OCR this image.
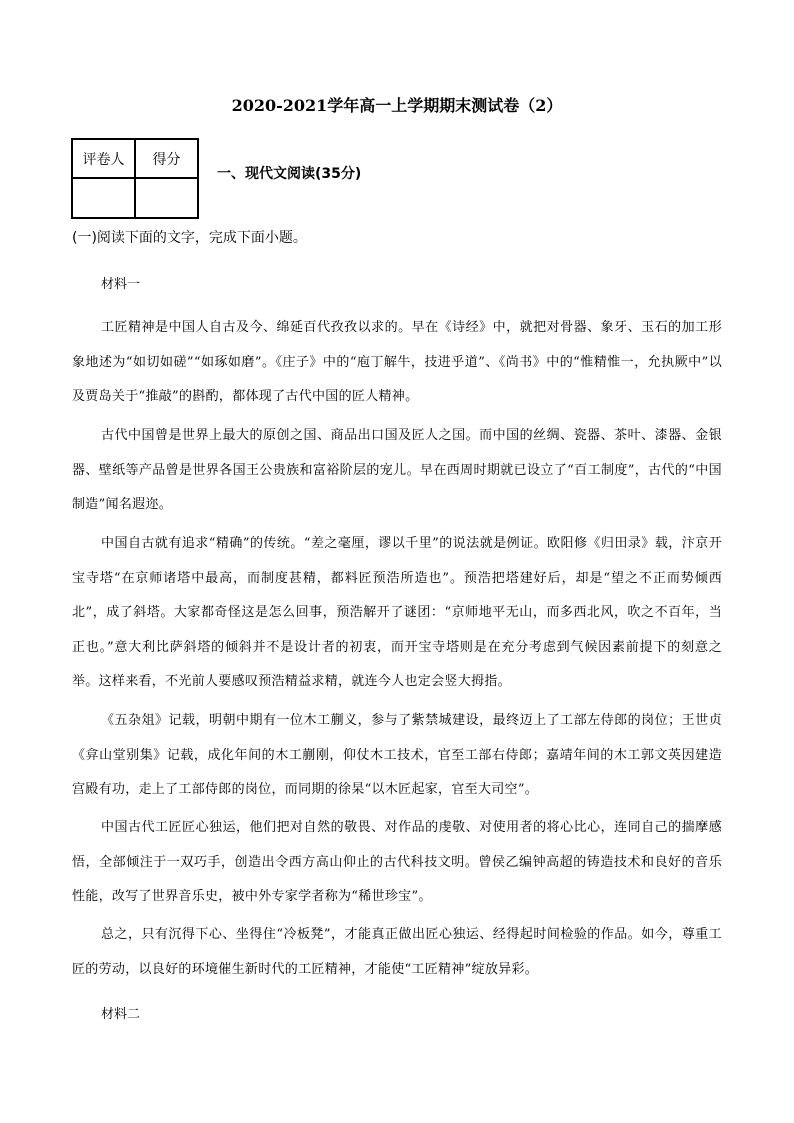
2020-2021学年高一上学期期末测试卷（2）
评卷人	得分

一、现代文阅读(35分)
(一)阅读下面的文字，完成下面小题。
材料一
工匠精神是中国人自古及今、绵延百代孜孜以求的。早在《诗经》中，就把对骨器、象牙、玉石的加工形象地述为“如切如磋”“如琢如磨”。《庄子》中的“庖丁解牛，技进乎道”、《尚书》中的“惟精惟一，允执厥中”以及贾岛关于“推敲”的斟酌，都体现了古代中国的匠人精神。
古代中国曾是世界上最大的原创之国、商品出口国及匠人之国。而中国的丝绸、瓷器、茶叶、漆器、金银器、壁纸等产品曾是世界各国王公贵族和富裕阶层的宠儿。早在西周时期就已设立了“百工制度”，古代的“中国制造”闻名遐迩。
中国自古就有追求“精确”的传统。“差之毫厘，谬以千里”的说法就是例证。欧阳修《归田录》载，汴京开宝寺塔“在京师诸塔中最高，而制度甚精，都料匠预浩所造也”。预浩把塔建好后，却是“望之不正而势倾西北”，成了斜塔。大家都奇怪这是怎么回事，预浩解开了谜团：“京师地平无山，而多西北风，吹之不百年，当正也。”意大利比萨斜塔的倾斜并不是设计者的初衷，而开宝寺塔则是在充分考虑到气候因素前提下的刻意之举。这样来看，不光前人要感叹预浩精益求精，就连今人也定会竖大拇指。
《五杂俎》记载，明朝中期有一位木工蒯义，参与了紫禁城建设，最终迈上了工部左侍郎的岗位；王世贞《弇山堂别集》记载，成化年间的木工蒯刚，仰仗木工技术，官至工部右侍郎；嘉靖年间的木工郭文英因建造宫殿有功，走上了工部侍郎的岗位，而同期的徐杲“以木匠起家，官至大司空”。
中国古代工匠匠心独运，他们把对自然的敬畏、对作品的虔敬、对使用者的将心比心，连同自己的揣摩感悟，全部倾注于一双巧手，创造出令西方高山仰止的古代科技文明。曾侯乙编钟高超的铸造技术和良好的音乐性能，改写了世界音乐史，被中外专家学者称为“稀世珍宝”。
总之，只有沉得下心、坐得住“冷板凳”，才能真正做出匠心独运、经得起时间检验的作品。如今，尊重工匠的劳动，以良好的环境催生新时代的工匠精神，才能使“工匠精神”绽放异彩。
材料二
